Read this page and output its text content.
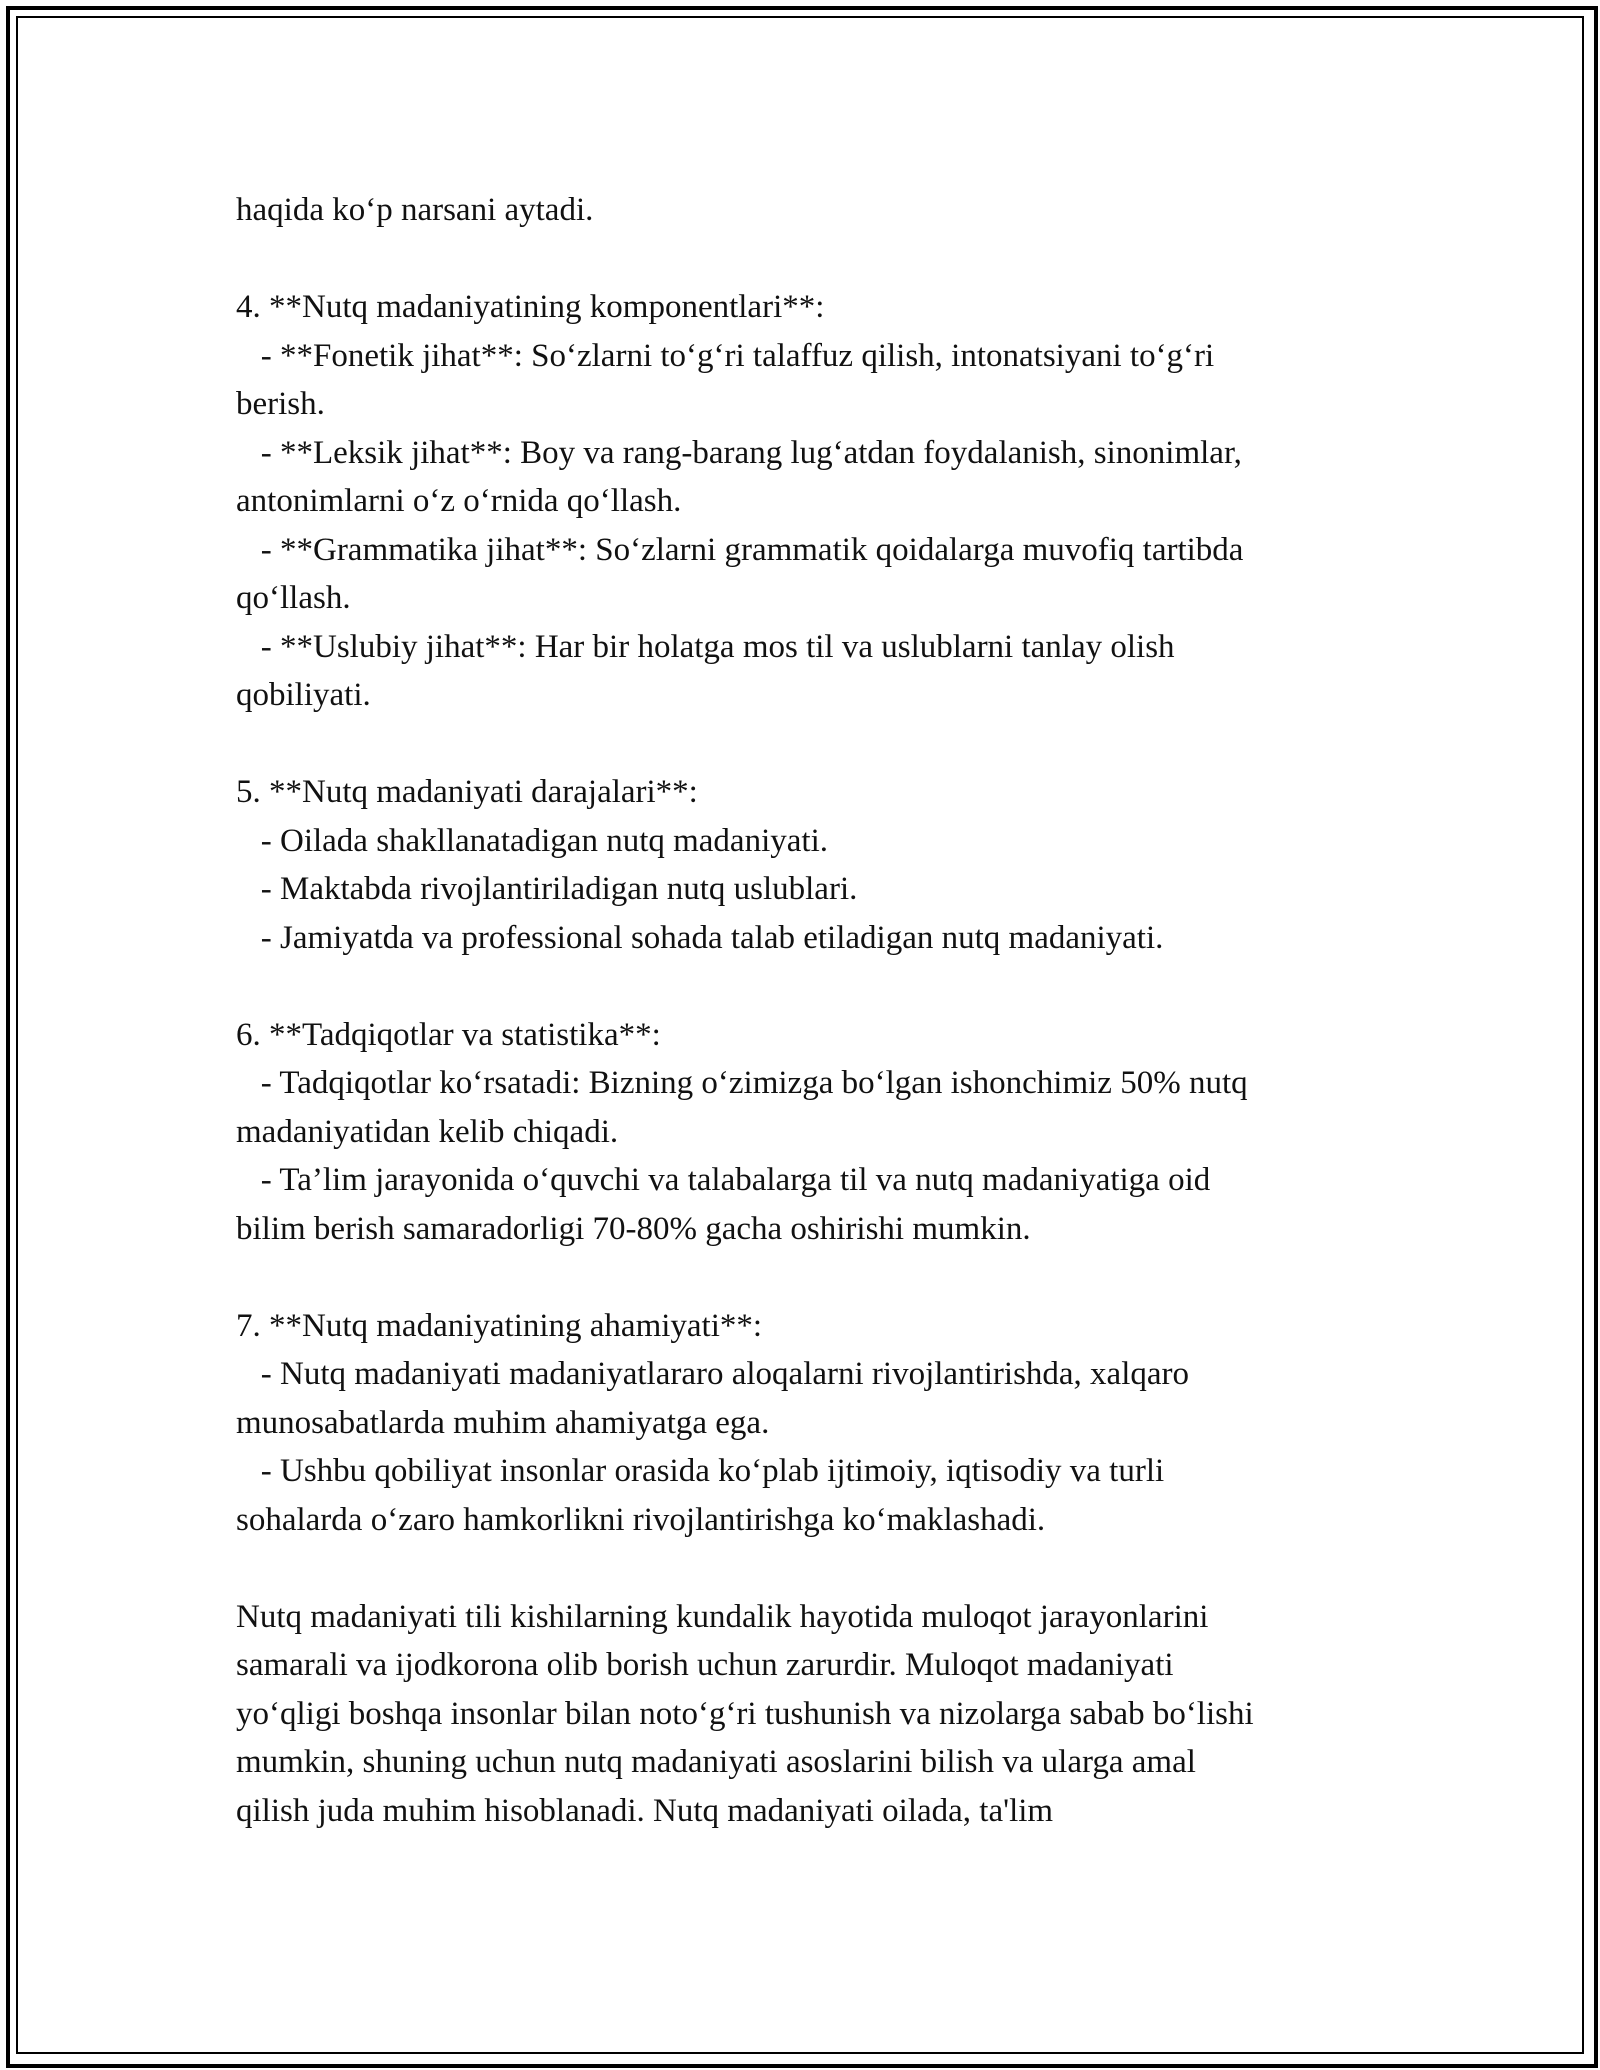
haqida koʻp narsani aytadi.
4. **Nutq madaniyatining komponentlari**:
- **Fonetik jihat**: Soʻzlarni toʻgʻri talaffuz qilish, intonatsiyani toʻgʻri
berish.
- **Leksik jihat**: Boy va rang-barang lugʻatdan foydalanish, sinonimlar,
antonimlarni oʻz oʻrnida qoʻllash.
- **Grammatika jihat**: Soʻzlarni grammatik qoidalarga muvofiq tartibda
qoʻllash.
- **Uslubiy jihat**: Har bir holatga mos til va uslublarni tanlay olish
qobiliyati.
5. **Nutq madaniyati darajalari**:
- Oilada shakllanatadigan nutq madaniyati.
- Maktabda rivojlantiriladigan nutq uslublari.
- Jamiyatda va professional sohada talab etiladigan nutq madaniyati.
6. **Tadqiqotlar va statistika**:
- Tadqiqotlar koʻrsatadi: Bizning oʻzimizga boʻlgan ishonchimiz 50% nutq
madaniyatidan kelib chiqadi.
- Ta’lim jarayonida oʻquvchi va talabalarga til va nutq madaniyatiga oid
bilim berish samaradorligi 70-80% gacha oshirishi mumkin.
7. **Nutq madaniyatining ahamiyati**:
- Nutq madaniyati madaniyatlararo aloqalarni rivojlantirishda, xalqaro
munosabatlarda muhim ahamiyatga ega.
- Ushbu qobiliyat insonlar orasida koʻplab ijtimoiy, iqtisodiy va turli
sohalarda oʻzaro hamkorlikni rivojlantirishga koʻmaklashadi.
Nutq madaniyati tili kishilarning kundalik hayotida muloqot jarayonlarini
samarali va ijodkorona olib borish uchun zarurdir. Muloqot madaniyati
yoʻqligi boshqa insonlar bilan notoʻgʻri tushunish va nizolarga sabab boʻlishi
mumkin, shuning uchun nutq madaniyati asoslarini bilish va ularga amal
qilish juda muhim hisoblanadi. Nutq madaniyati oilada, ta'lim
